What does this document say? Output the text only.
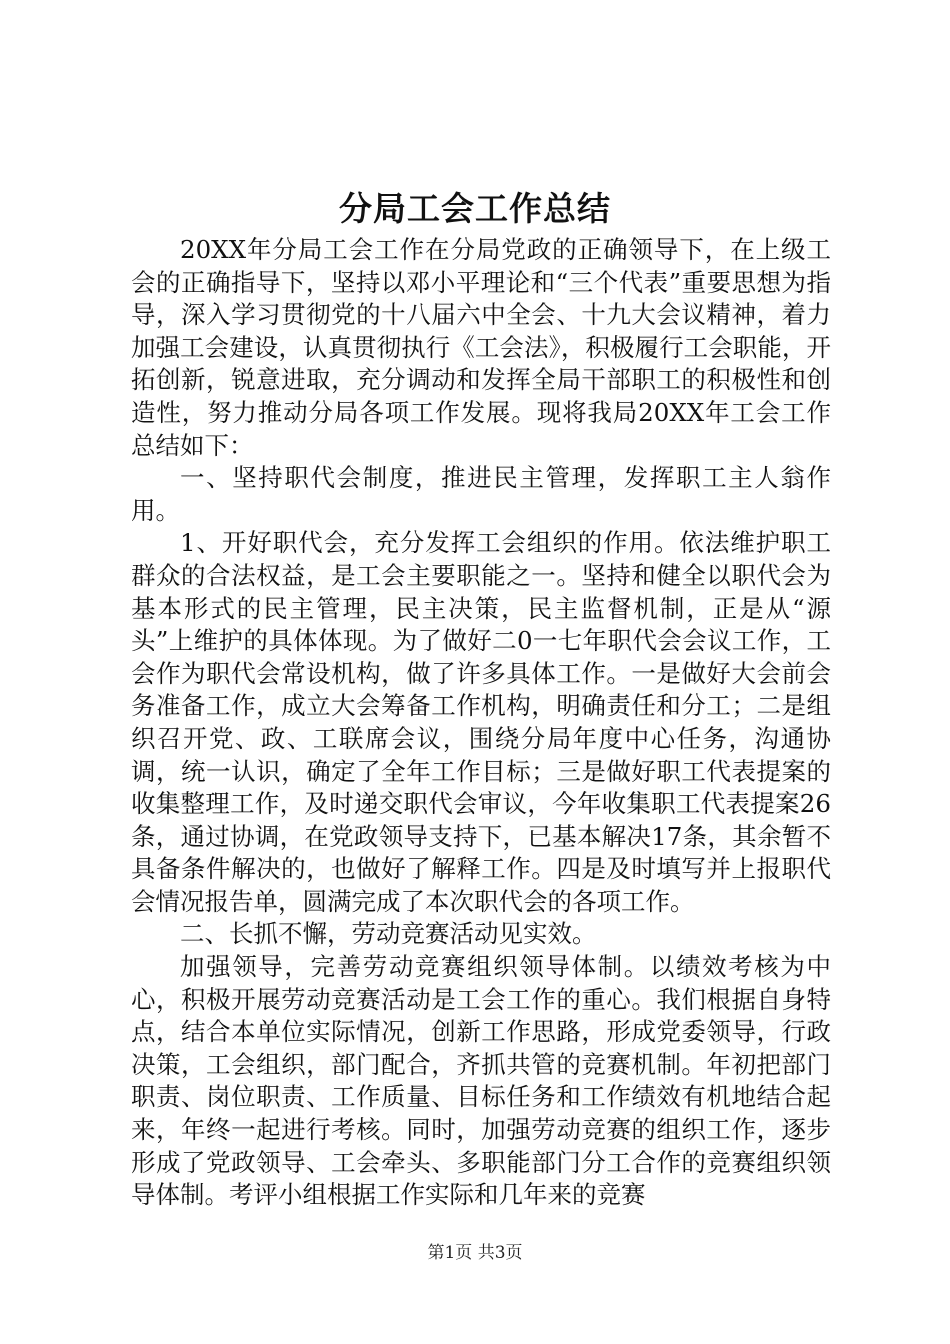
分局工会工作总结

20XX年分局工会工作在分局党政的正确领导下，在上级工会的正确指导下，坚持以邓小平理论和“三个代表”重要思想为指导，深入学习贯彻党的十八届六中全会、十九大会议精神，着力加强工会建设，认真贯彻执行《工会法》，积极履行工会职能，开拓创新，锐意进取，充分调动和发挥全局干部职工的积极性和创造性，努力推动分局各项工作发展。现将我局20XX年工会工作总结如下：

一、坚持职代会制度，推进民主管理，发挥职工主人翁作用。

1、开好职代会，充分发挥工会组织的作用。依法维护职工群众的合法权益，是工会主要职能之一。坚持和健全以职代会为基本形式的民主管理，民主决策，民主监督机制，正是从“源头”上维护的具体体现。为了做好二0一七年职代会会议工作，工会作为职代会常设机构，做了许多具体工作。一是做好大会前会务准备工作，成立大会筹备工作机构，明确责任和分工；二是组织召开党、政、工联席会议，围绕分局年度中心任务，沟通协调，统一认识，确定了全年工作目标；三是做好职工代表提案的收集整理工作，及时递交职代会审议，今年收集职工代表提案26条，通过协调，在党政领导支持下，已基本解决17条，其余暂不具备条件解决的，也做好了解释工作。四是及时填写并上报职代会情况报告单，圆满完成了本次职代会的各项工作。

二、长抓不懈，劳动竞赛活动见实效。

加强领导，完善劳动竞赛组织领导体制。以绩效考核为中心，积极开展劳动竞赛活动是工会工作的重心。我们根据自身特点，结合本单位实际情况，创新工作思路，形成党委领导，行政决策，工会组织，部门配合，齐抓共管的竞赛机制。年初把部门职责、岗位职责、工作质量、目标任务和工作绩效有机地结合起来，年终一起进行考核。同时，加强劳动竞赛的组织工作，逐步形成了党政领导、工会牵头、多职能部门分工合作的竞赛组织领导体制。考评小组根据工作实际和几年来的竞赛

第1页 共3页
